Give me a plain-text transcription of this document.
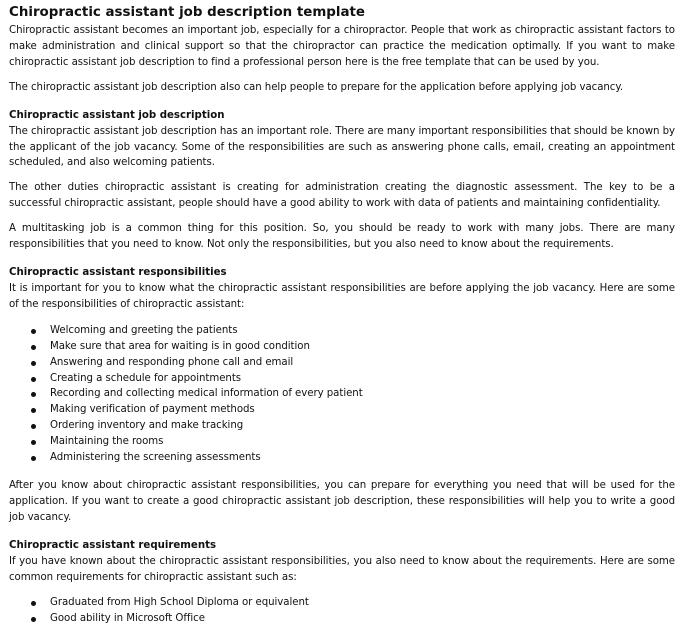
Chiropractic assistant job description template

Chiropractic assistant becomes an important job, especially for a chiropractor. People that work as chiropractic assistant factors to make administration and clinical support so that the chiropractor can practice the medication optimally. If you want to make chiropractic assistant job description to find a professional person here is the free template that can be used by you.

The chiropractic assistant job description also can help people to prepare for the application before applying job vacancy.

Chiropractic assistant job description

The chiropractic assistant job description has an important role. There are many important responsibilities that should be known by the applicant of the job vacancy. Some of the responsibilities are such as answering phone calls, email, creating an appointment scheduled, and also welcoming patients.

The other duties chiropractic assistant is creating for administration creating the diagnostic assessment. The key to be a successful chiropractic assistant, people should have a good ability to work with data of patients and maintaining confidentiality.

A multitasking job is a common thing for this position. So, you should be ready to work with many jobs. There are many responsibilities that you need to know. Not only the responsibilities, but you also need to know about the requirements.

Chiropractic assistant responsibilities

It is important for you to know what the chiropractic assistant responsibilities are before applying the job vacancy. Here are some of the responsibilities of chiropractic assistant:

Welcoming and greeting the patients
Make sure that area for waiting is in good condition
Answering and responding phone call and email
Creating a schedule for appointments
Recording and collecting medical information of every patient
Making verification of payment methods
Ordering inventory and make tracking
Maintaining the rooms
Administering the screening assessments

After you know about chiropractic assistant responsibilities, you can prepare for everything you need that will be used for the application. If you want to create a good chiropractic assistant job description, these responsibilities will help you to write a good job vacancy.

Chiropractic assistant requirements

If you have known about the chiropractic assistant responsibilities, you also need to know about the requirements. Here are some common requirements for chiropractic assistant such as:

Graduated from High School Diploma or equivalent
Good ability in Microsoft Office
